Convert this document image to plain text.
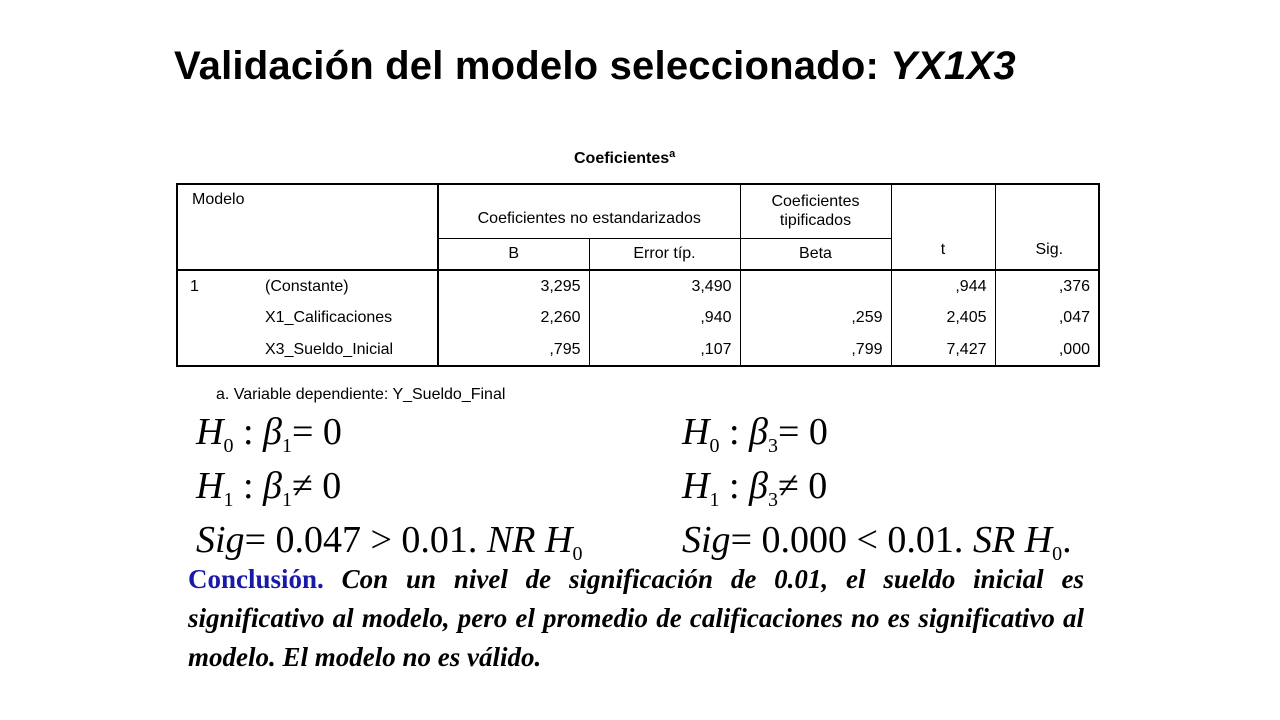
Validación del modelo seleccionado: YX1X3
Coeficientes$^a$
Modelo		Coeficientes no estandarizados		Coeficientes tipificados	t	Sig.
		B	Error típ.	Beta		
1	(Constante)	3,295	3,490		,944	,376
	X1_Calificaciones	2,260	,940	,259	2,405	,047
	X3_Sueldo_Inicial	,795	,107	,799	7,427	,000
a. Variable dependiente: Y_Sueldo_Final
$H_0$ : $\beta_1= 0$
$H_1$ : $\beta_1\ne 0$
Sig= 0.047 > 0.01. NR $H_0$
$H_0$ : $\beta_3= 0$
$H_1$ : $\beta_3\ne 0$
Sig= 0.000 < 0.01. SR $H_0$.
Conclusión. Con un nivel de significación de 0.01, el sueldo inicial es significativo al modelo, pero el promedio de calificaciones no es significativo al modelo. El modelo no es válido.
